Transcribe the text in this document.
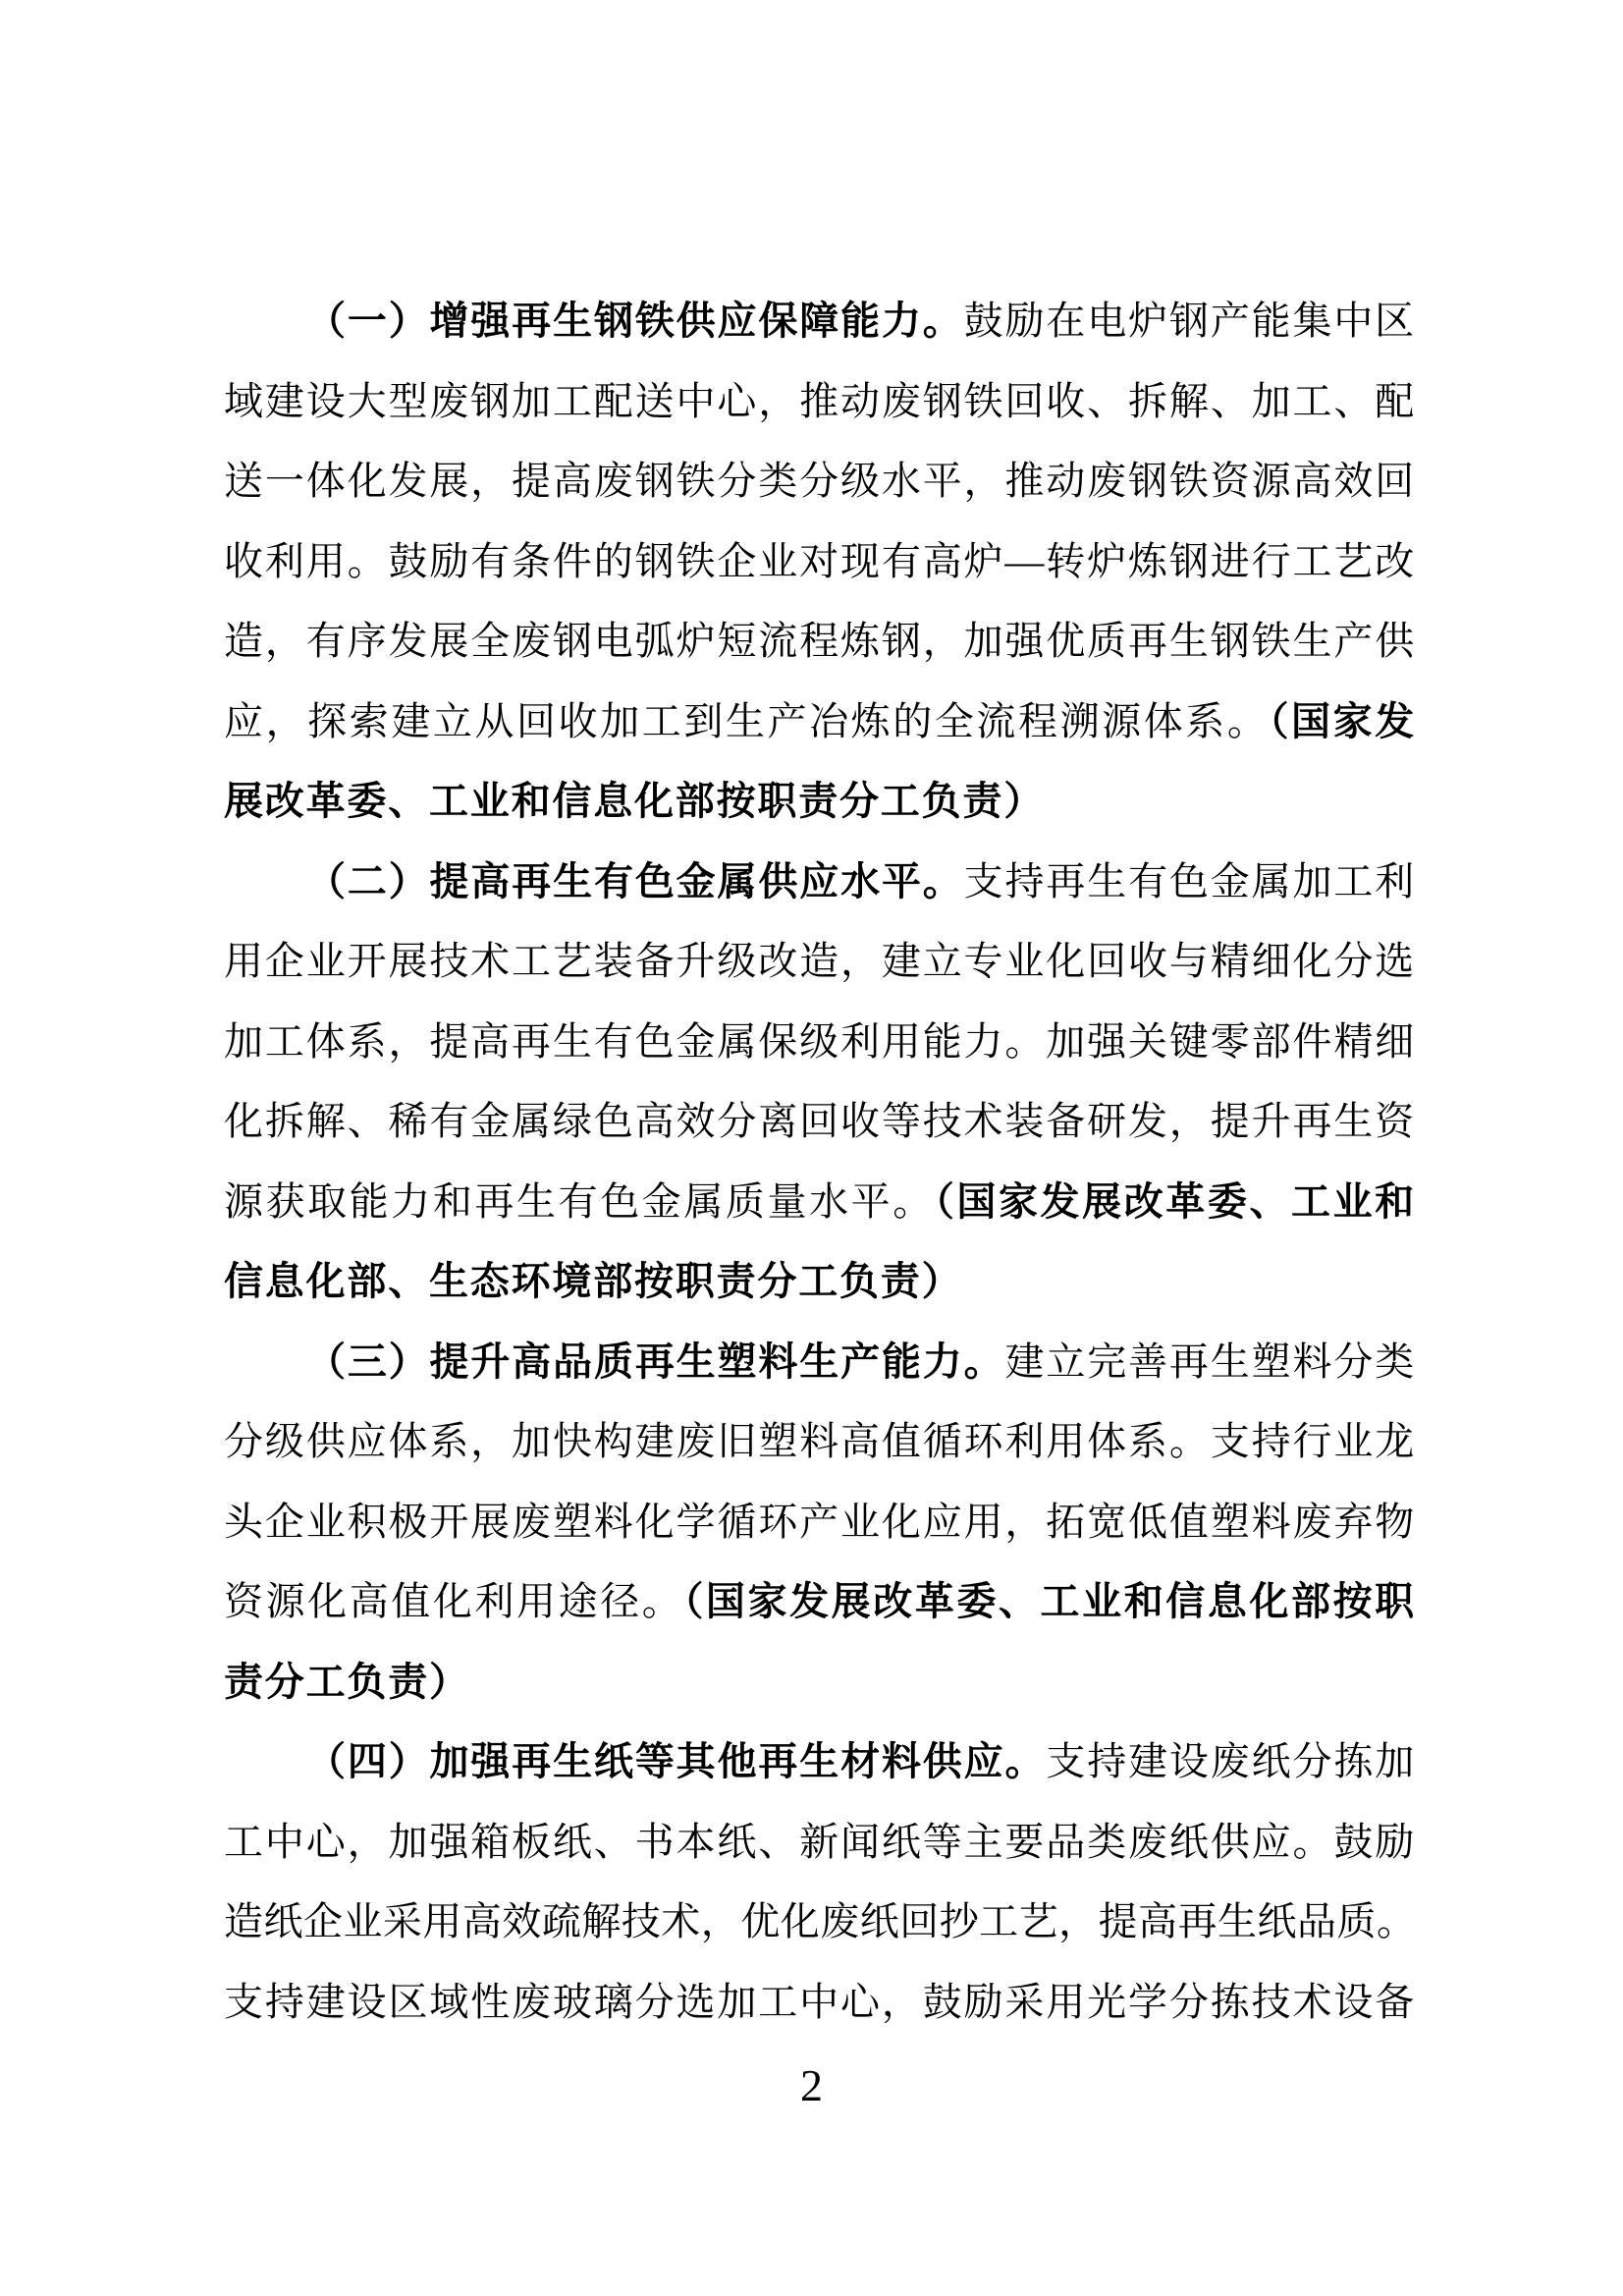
（一）增强再生钢铁供应保障能力。鼓励在电炉钢产能集中区
域建设大型废钢加工配送中心，推动废钢铁回收、拆解、加工、配
送一体化发展，提高废钢铁分类分级水平，推动废钢铁资源高效回
收利用。鼓励有条件的钢铁企业对现有高炉—转炉炼钢进行工艺改
造，有序发展全废钢电弧炉短流程炼钢，加强优质再生钢铁生产供
应，探索建立从回收加工到生产冶炼的全流程溯源体系。（国家发
展改革委、工业和信息化部按职责分工负责）
（二）提高再生有色金属供应水平。支持再生有色金属加工利
用企业开展技术工艺装备升级改造，建立专业化回收与精细化分选
加工体系，提高再生有色金属保级利用能力。加强关键零部件精细
化拆解、稀有金属绿色高效分离回收等技术装备研发，提升再生资
源获取能力和再生有色金属质量水平。（国家发展改革委、工业和
信息化部、生态环境部按职责分工负责）
（三）提升高品质再生塑料生产能力。建立完善再生塑料分类
分级供应体系，加快构建废旧塑料高值循环利用体系。支持行业龙
头企业积极开展废塑料化学循环产业化应用，拓宽低值塑料废弃物
资源化高值化利用途径。（国家发展改革委、工业和信息化部按职
责分工负责）
（四）加强再生纸等其他再生材料供应。支持建设废纸分拣加
工中心，加强箱板纸、书本纸、新闻纸等主要品类废纸供应。鼓励
造纸企业采用高效疏解技术，优化废纸回抄工艺，提高再生纸品质。
支持建设区域性废玻璃分选加工中心，鼓励采用光学分拣技术设备
2
